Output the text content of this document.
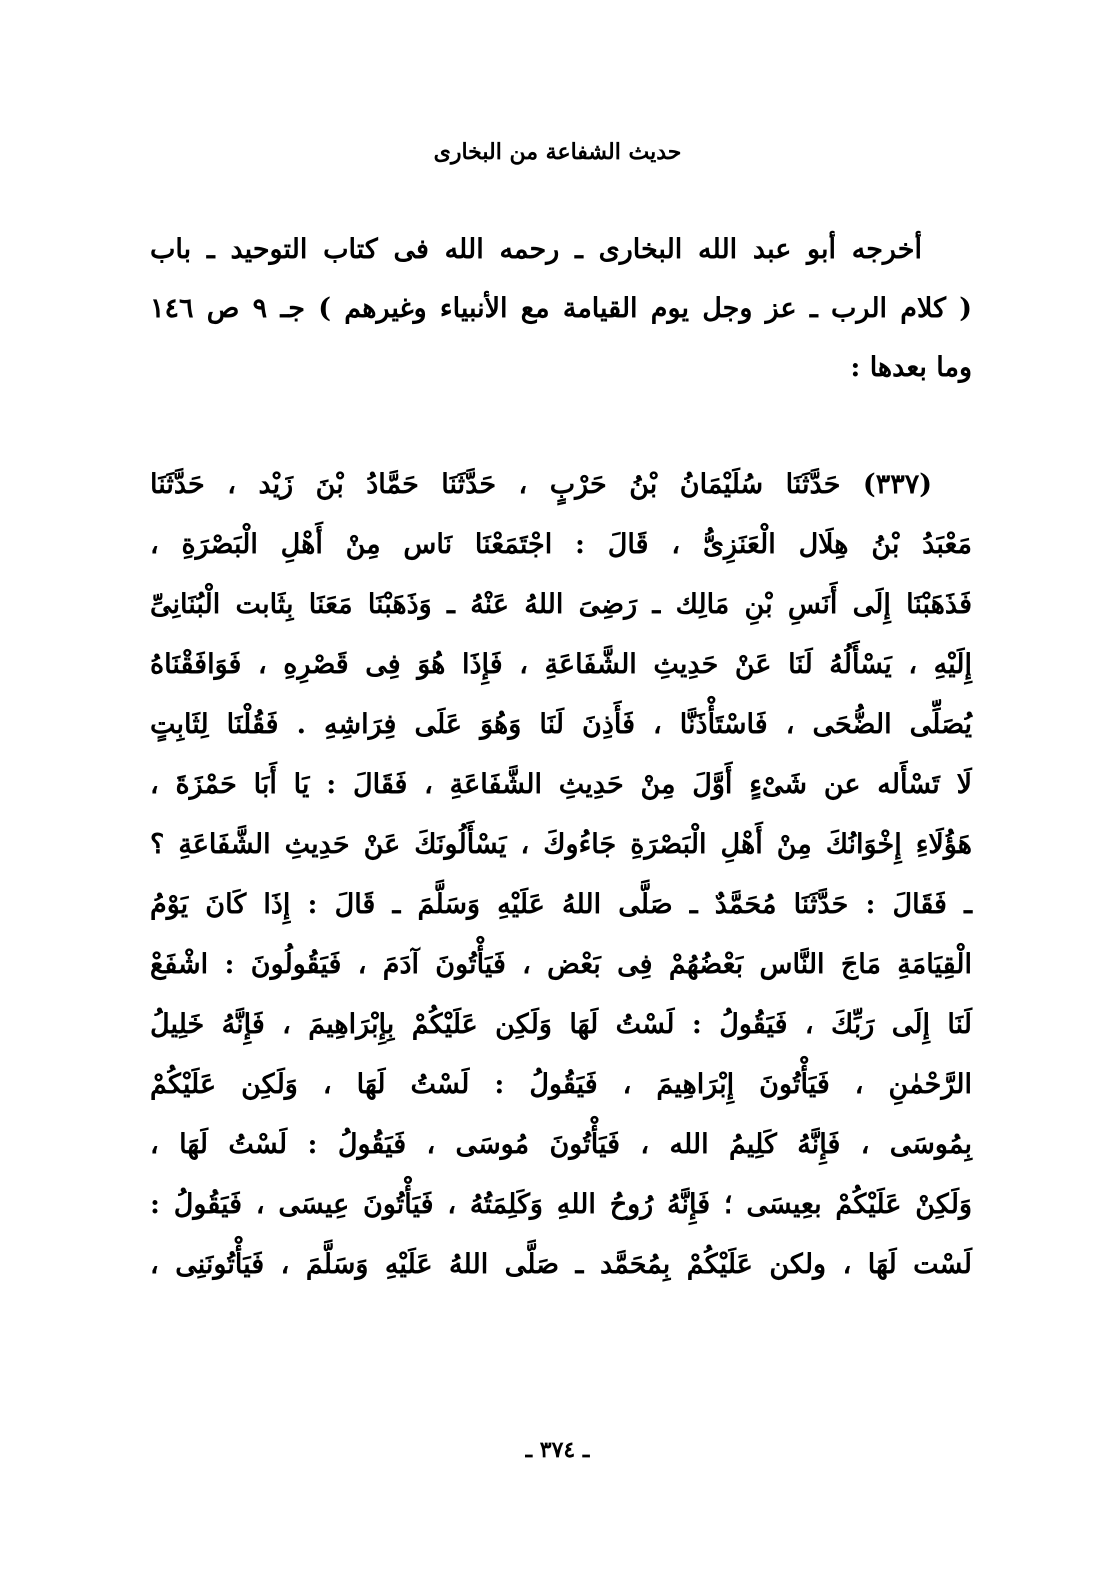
حديث الشفاعة من البخارى
أخرجه أبو عبد الله البخارى ـ رحمه الله فى كتاب التوحيد ـ باب
( كلام الرب ـ عز وجل يوم القيامة مع الأنبياء وغيرهم ) جـ ٩ ص ١٤٦
وما بعدها :
(٣٣٧) حَدَّثَنَا سُلَيْمَانُ بْنُ حَرْبٍ ، حَدَّثَنَا حَمَّادُ بْنَ زَيْد ، حَدَّثَنَا
مَعْبَدُ بْنُ هِلَال الْعَنَزِىُّ ، قَالَ : اجْتَمَعْنَا نَاس مِنْ أَهْلِ الْبَصْرَةِ ،
فَذَهَبْنَا إِلَى أَنَسِ بْنِ مَالِك ـ رَضِىَ اللهُ عَنْهُ ـ وَذَهَبْنَا مَعَنَا بِثَابت الْبُنَانِىِّ
إِلَيْهِ ، يَسْأَلُهُ لَنَا عَنْ حَدِيثِ الشَّفَاعَةِ ، فَإِذَا هُوَ فِى قَصْرِهِ ، فَوَافَقْنَاهُ
يُصَلِّى الضُّحَى ، فَاسْتَأْذَنَّا ، فَأَذِنَ لَنَا وَهُوَ عَلَى فِرَاشِهِ . فَقُلْنَا لِثَابِتٍ
لَا تَسْأَله عن شَىْءٍ أَوَّلَ مِنْ حَدِيثِ الشَّفَاعَةِ ، فَقَالَ : يَا أَبَا حَمْزَةَ ،
هَؤُلَاءِ إِخْوَانُكَ مِنْ أَهْلِ الْبَصْرَةِ جَاءُوكَ ، يَسْأَلُونَكَ عَنْ حَدِيثِ الشَّفَاعَةِ ؟
ـ فَقَالَ : حَدَّثَنَا مُحَمَّدٌ ـ صَلَّى اللهُ عَلَيْهِ وَسَلَّمَ ـ قَالَ : إِذَا كَانَ يَوْمُ
الْقِيَامَةِ مَاجَ النَّاس بَعْضُهُمْ فِى بَعْض ، فَيَأْتُونَ آدَمَ ، فَيَقُولُونَ : اشْفَعْ
لَنَا إِلَى رَبِّكَ ، فَيَقُولُ : لَسْتُ لَهَا وَلَكِن عَلَيْكُمْ بِإِبْرَاهِيمَ ، فَإِنَّهُ خَلِيلُ
الرَّحْمٰنِ ، فَيَأْتُونَ إِبْرَاهِيمَ ، فَيَقُولُ : لَسْتُ لَهَا ، وَلَكِن عَلَيْكُمْ
بِمُوسَى ، فَإِنَّهُ كَلِيمُ الله ، فَيَأْتُونَ مُوسَى ، فَيَقُولُ : لَسْتُ لَهَا ،
وَلَكِنْ عَلَيْكُمْ بعِيسَى ؛ فَإِنَّهُ رُوحُ اللهِ وَكَلِمَتُهُ ، فَيَأْتُونَ عِيسَى ، فَيَقُولُ :
لَسْت لَهَا ، ولكن عَلَيْكُمْ بِمُحَمَّد ـ صَلَّى اللهُ عَلَيْهِ وَسَلَّمَ ، فَيَأْتُونَنِى ،
ـ ٣٧٤ ـ
